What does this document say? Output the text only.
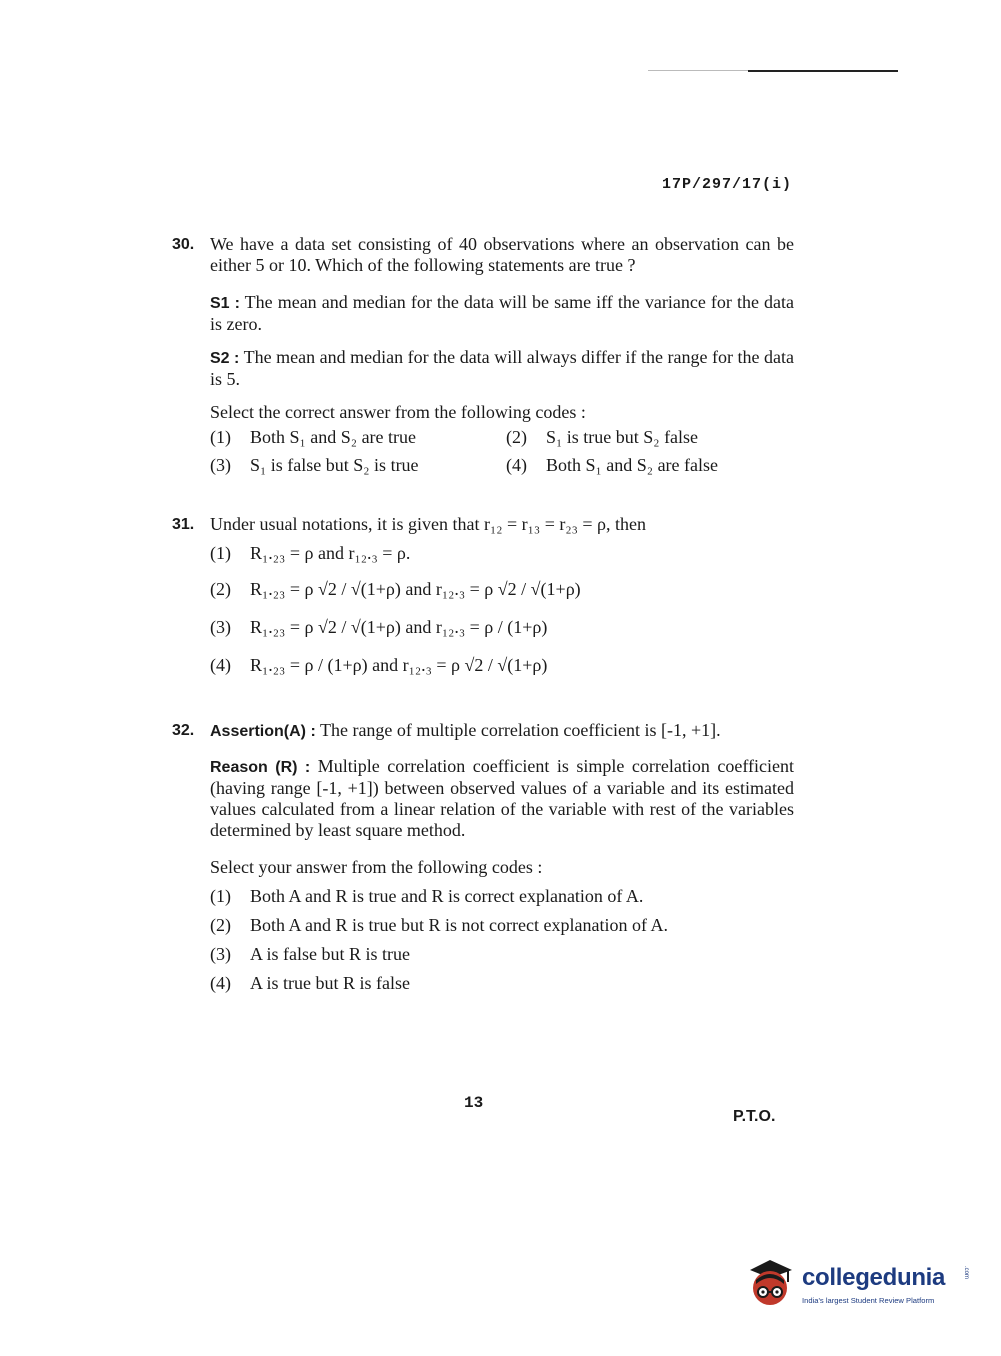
17P/297/17(i)
30. We have a data set consisting of 40 observations where an observation can be either 5 or 10. Which of the following statements are true ?
S1 : The mean and median for the data will be same iff the variance for the data is zero.
S2 : The mean and median for the data will always differ if the range for the data is 5.
Select the correct answer from the following codes :
(1) Both S₁ and S₂ are true	(2) S₁ is true but S₂ false
(3) S₁ is false but S₂ is true	(4) Both S₁ and S₂ are false
31. Under usual notations, it is given that r₁₂ = r₁₃ = r₂₃ = ρ, then
(1) R₁.₂₃ = ρ and r₁₂.₃ = ρ.
(2) R₁.₂₃ = ρ √2 / √(1+ρ) and r₁₂.₃ = ρ √2 / √(1+ρ)
(3) R₁.₂₃ = ρ √2 / √(1+ρ) and r₁₂.₃ = ρ / (1+ρ)
(4) R₁.₂₃ = ρ / (1+ρ) and r₁₂.₃ = ρ √2 / √(1+ρ)
32. Assertion(A) : The range of multiple correlation coefficient is [-1, +1].
Reason (R) : Multiple correlation coefficient is simple correlation coefficient (having range [-1, +1]) between observed values of a variable and its estimated values calculated from a linear relation of the variable with rest of the variables determined by least square method.
Select your answer from the following codes :
(1) Both A and R is true and R is correct explanation of A.
(2) Both A and R is true but R is not correct explanation of A.
(3) A is false but R is true
(4) A is true but R is false
13
P.T.O.
collegedunia	.com
India's largest Student Review Platform
